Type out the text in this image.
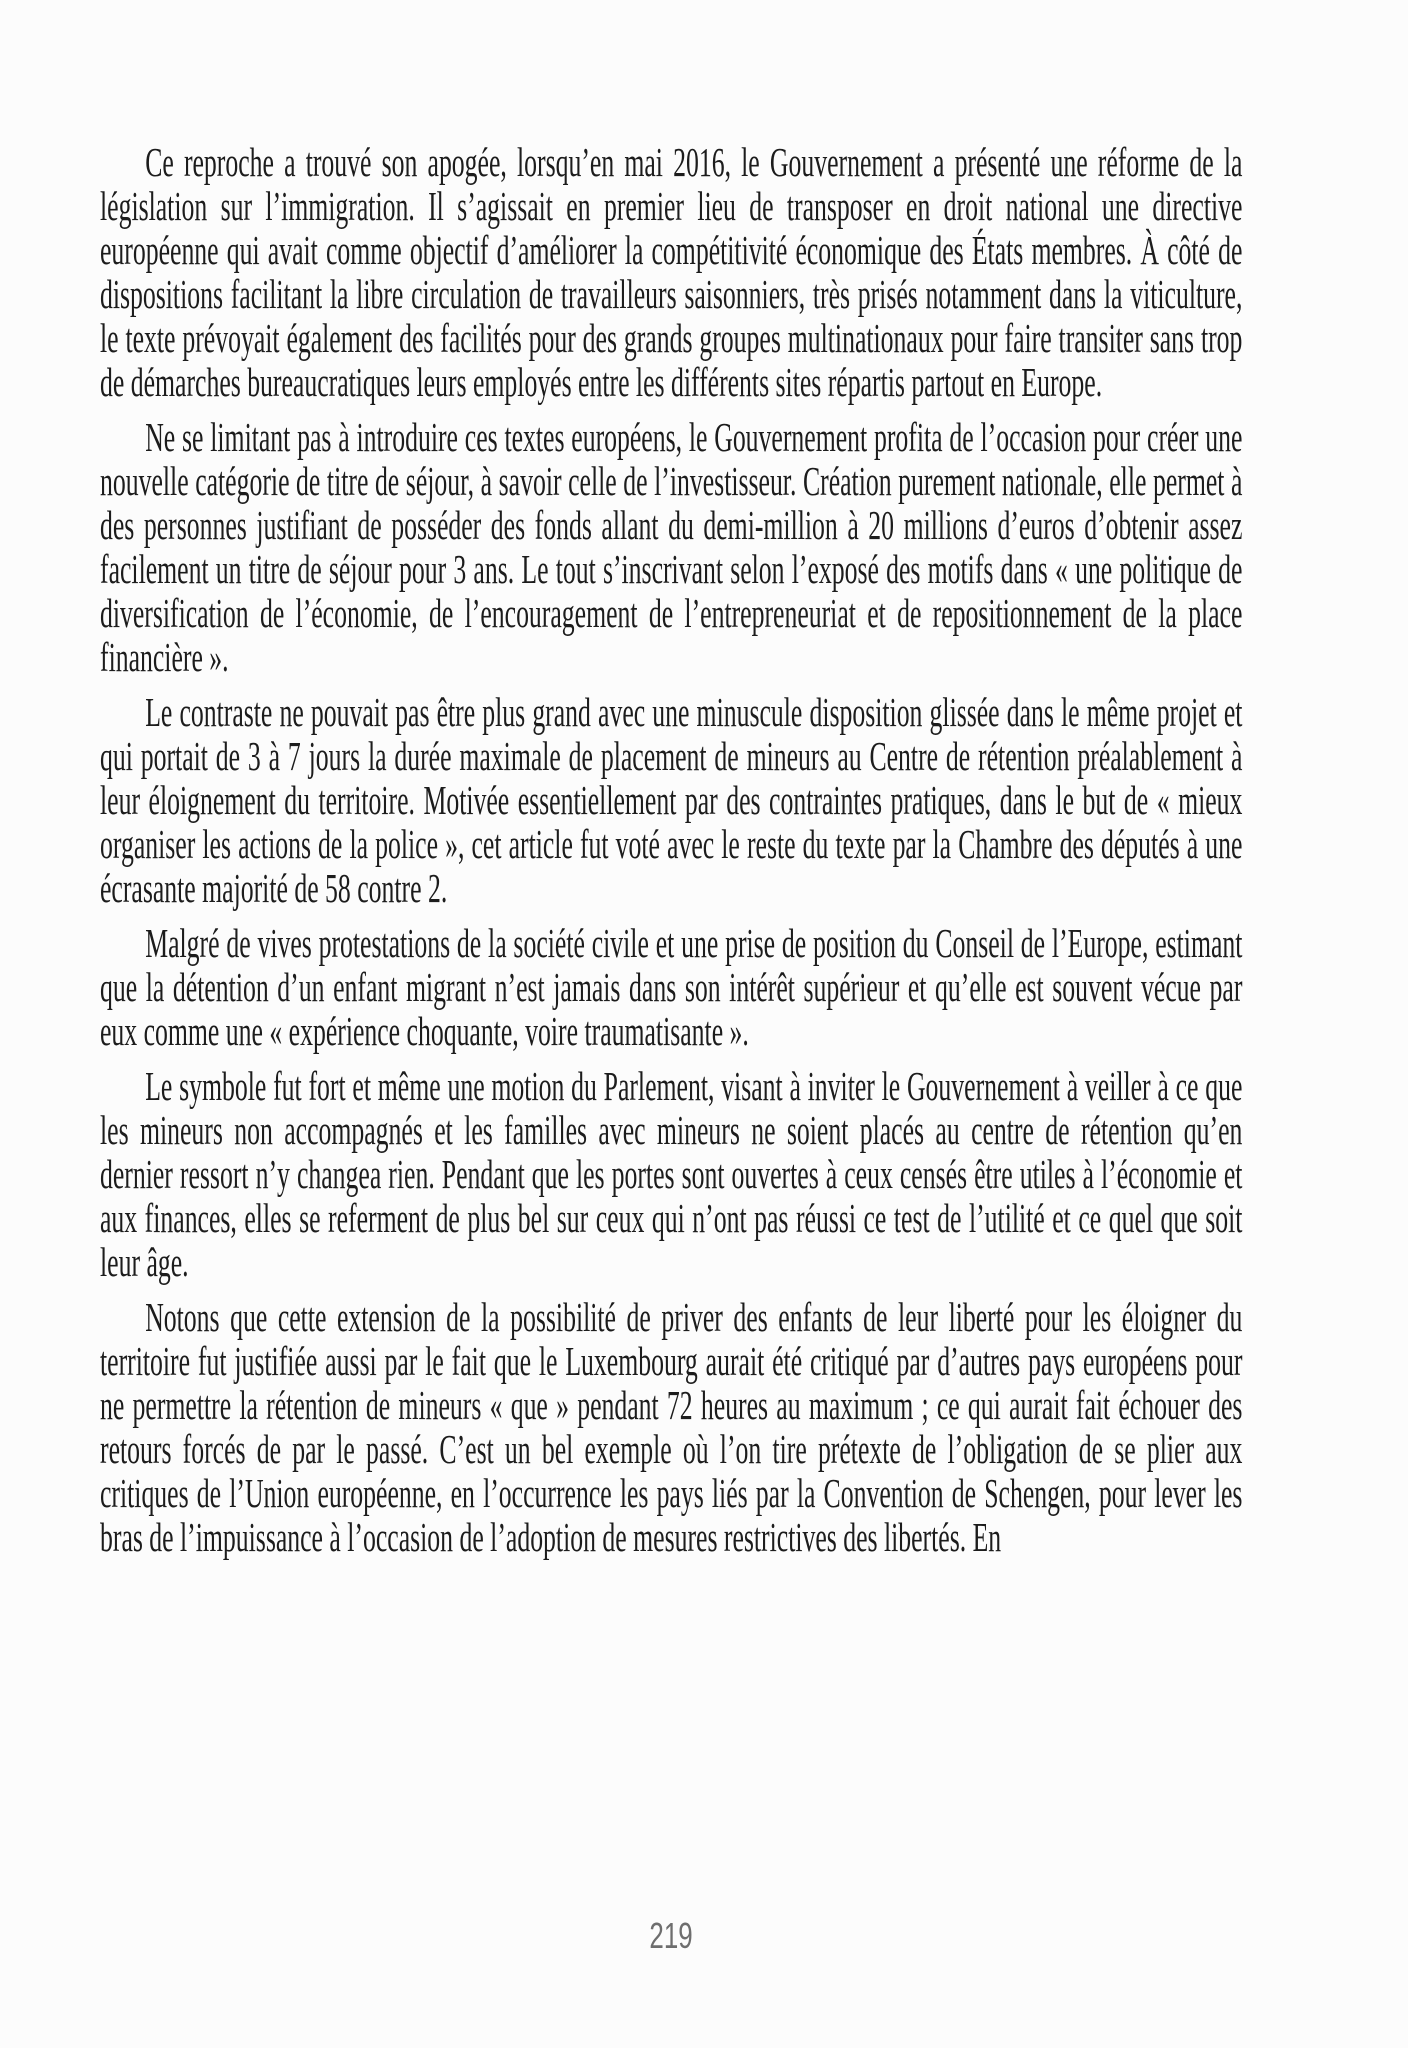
Ce reproche a trouvé son apogée, lorsqu’en mai 2016, le Gouvernement a présenté une réforme de la législation sur l’immigration. Il s’agissait en premier lieu de transposer en droit national une directive européenne qui avait comme objectif d’améliorer la compétitivité économique des États membres. À côté de dispositions facilitant la libre circulation de travailleurs saisonniers, très prisés notamment dans la viticulture, le texte prévoyait également des facilités pour des grands groupes multinationaux pour faire transiter sans trop de démarches bureaucratiques leurs employés entre les différents sites répartis partout en Europe.

Ne se limitant pas à introduire ces textes européens, le Gouvernement profita de l’occasion pour créer une nouvelle catégorie de titre de séjour, à savoir celle de l’investisseur. Création purement nationale, elle permet à des personnes justifiant de posséder des fonds allant du demi-million à 20 millions d’euros d’obtenir assez facilement un titre de séjour pour 3 ans. Le tout s’inscrivant selon l’exposé des motifs dans « une politique de diversification de l’économie, de l’encouragement de l’entrepreneuriat et de repositionnement de la place financière ».

Le contraste ne pouvait pas être plus grand avec une minuscule disposition glissée dans le même projet et qui portait de 3 à 7 jours la durée maximale de placement de mineurs au Centre de rétention préalablement à leur éloignement du territoire. Motivée essentiellement par des contraintes pratiques, dans le but de « mieux organiser les actions de la police », cet article fut voté avec le reste du texte par la Chambre des députés à une écrasante majorité de 58 contre 2.

Malgré de vives protestations de la société civile et une prise de position du Conseil de l’Europe, estimant que la détention d’un enfant migrant n’est jamais dans son intérêt supérieur et qu’elle est souvent vécue par eux comme une « expérience choquante, voire traumatisante ».

Le symbole fut fort et même une motion du Parlement, visant à inviter le Gouvernement à veiller à ce que les mineurs non accompagnés et les familles avec mineurs ne soient placés au centre de rétention qu’en dernier ressort n’y changea rien. Pendant que les portes sont ouvertes à ceux censés être utiles à l’économie et aux finances, elles se referment de plus bel sur ceux qui n’ont pas réussi ce test de l’utilité et ce quel que soit leur âge.

Notons que cette extension de la possibilité de priver des enfants de leur liberté pour les éloigner du territoire fut justifiée aussi par le fait que le Luxembourg aurait été critiqué par d’autres pays européens pour ne permettre la rétention de mineurs « que » pendant 72 heures au maximum ; ce qui aurait fait échouer des retours forcés de par le passé. C’est un bel exemple où l’on tire prétexte de l’obligation de se plier aux critiques de l’Union européenne, en l’occurrence les pays liés par la Convention de Schengen, pour lever les bras de l’impuissance à l’occasion de l’adoption de mesures restrictives des libertés. En

219
